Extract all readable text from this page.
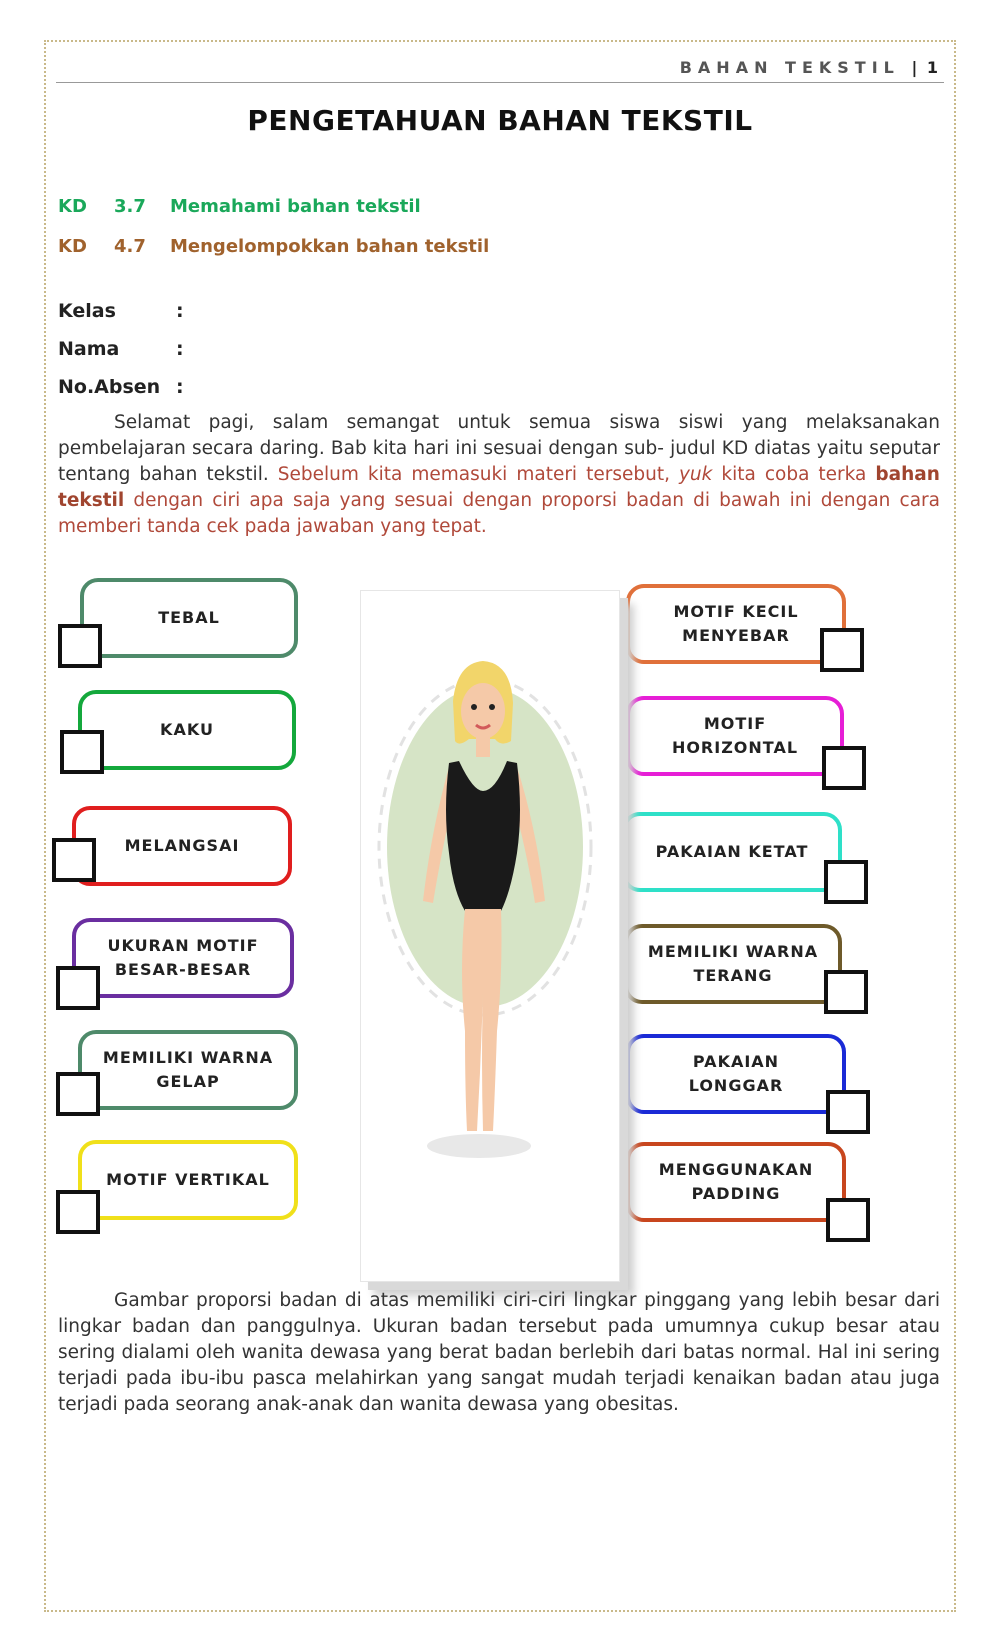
BAHAN TEKSTIL | 1
PENGETAHUAN BAHAN TEKSTIL
KD 3.7 Memahami bahan tekstil
KD 4.7 Mengelompokkan bahan tekstil
Kelas	:
Nama	:
No.Absen :
Selamat pagi, salam semangat untuk semua siswa siswi yang melaksanakan pembelajaran secara daring. Bab kita hari ini sesuai dengan sub- judul KD diatas yaitu seputar tentang bahan tekstil. Sebelum kita memasuki materi tersebut, yuk kita coba terka bahan tekstil dengan ciri apa saja yang sesuai dengan proporsi badan di bawah ini dengan cara memberi tanda cek pada jawaban yang tepat.
TEBAL
KAKU
MELANGSAI
UKURAN MOTIF BESAR-BESAR
MEMILIKI WARNA GELAP
MOTIF VERTIKAL
MOTIF KECIL MENYEBAR
MOTIF HORIZONTAL
PAKAIAN KETAT
MEMILIKI WARNA TERANG
PAKAIAN LONGGAR
MENGGUNAKAN PADDING
Gambar proporsi badan di atas memiliki ciri-ciri lingkar pinggang yang lebih besar dari lingkar badan dan panggulnya. Ukuran badan tersebut pada umumnya cukup besar atau sering dialami oleh wanita dewasa yang berat badan berlebih dari batas normal. Hal ini sering terjadi pada ibu-ibu pasca melahirkan yang sangat mudah terjadi kenaikan badan atau juga terjadi pada seorang anak-anak dan wanita dewasa yang obesitas.
